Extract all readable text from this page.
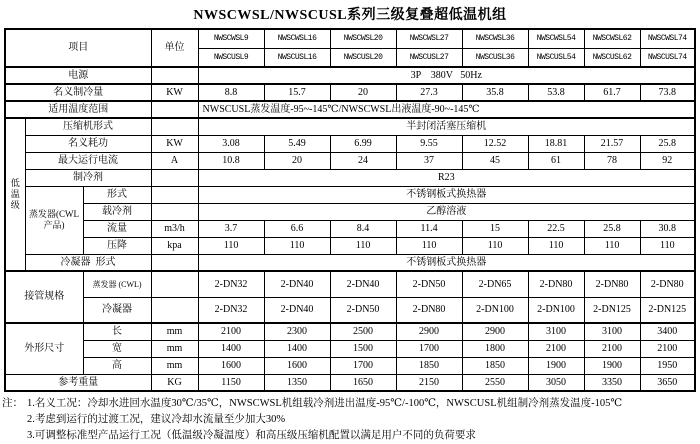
NWSCWSL/NWSCUSL系列三级复叠超低温机组
项目			单位	NWSCWSL9	NWSCWSL16	NWSCWSL20	NWSCWSL27	NWSCWSL36	NWSCWSL54	NWSCWSL62	NWSCWSL74
				NWSCUSL9	NWSCUSL16	NWSCUSL20	NWSCUSL27	NWSCUSL36	NWSCUSL54	NWSCUSL62	NWSCUSL74
电源				3P    380V   50Hz							
名义制冷量			KW	8.8	15.7	20	27.3	35.8	53.8	61.7	73.8
适用温度范围				NWSCUSL蒸发温度-95~-145℃/NWSCWSL出液温度-90~-145℃							
低温级	压缩机形式			半封闭活塞压缩机							
	名义耗功		KW	3.08	5.49	6.99	9.55	12.52	18.81	21.57	25.8
	最大运行电流		A	10.8	20	24	37	45	61	78	92
	制冷剂			R23							
	蒸发器(CWL产品)	形式		不锈钢板式换热器							
		载冷剂		乙醇溶液							
		流量	m3/h	3.7	6.6	8.4	11.4	15	22.5	25.8	30.8
		压降	kpa	110	110	110	110	110	110	110	110
	冷凝器  形式			不锈钢板式换热器							
接管规格		蒸发器 (CWL)		2-DN32	2-DN40	2-DN40	2-DN50	2-DN65	2-DN80	2-DN80	2-DN80
		冷凝器		2-DN32	2-DN40	2-DN50	2-DN80	2-DN100	2-DN100	2-DN125	2-DN125
外形尺寸		长	mm	2100	2300	2500	2900	2900	3100	3100	3400
		宽	mm	1400	1400	1500	1700	1800	2100	2100	2100
		高	mm	1600	1600	1700	1850	1850	1900	1900	1950
参考重量			KG	1150	1350	1650	2150	2550	3050	3350	3650
注： 1.名义工况：冷却水进回水温度30℃/35℃，NWSCWSL机组载冷剂进出温度-95℃/-100℃，NWSCUSL机组制冷剂蒸发温度-105℃
2.考虑到运行的过渡工况，建议冷却水流量至少加大30%
3.可调整标准型产品运行工况（低温级冷凝温度）和高压级压缩机配置以满足用户不同的负荷要求
